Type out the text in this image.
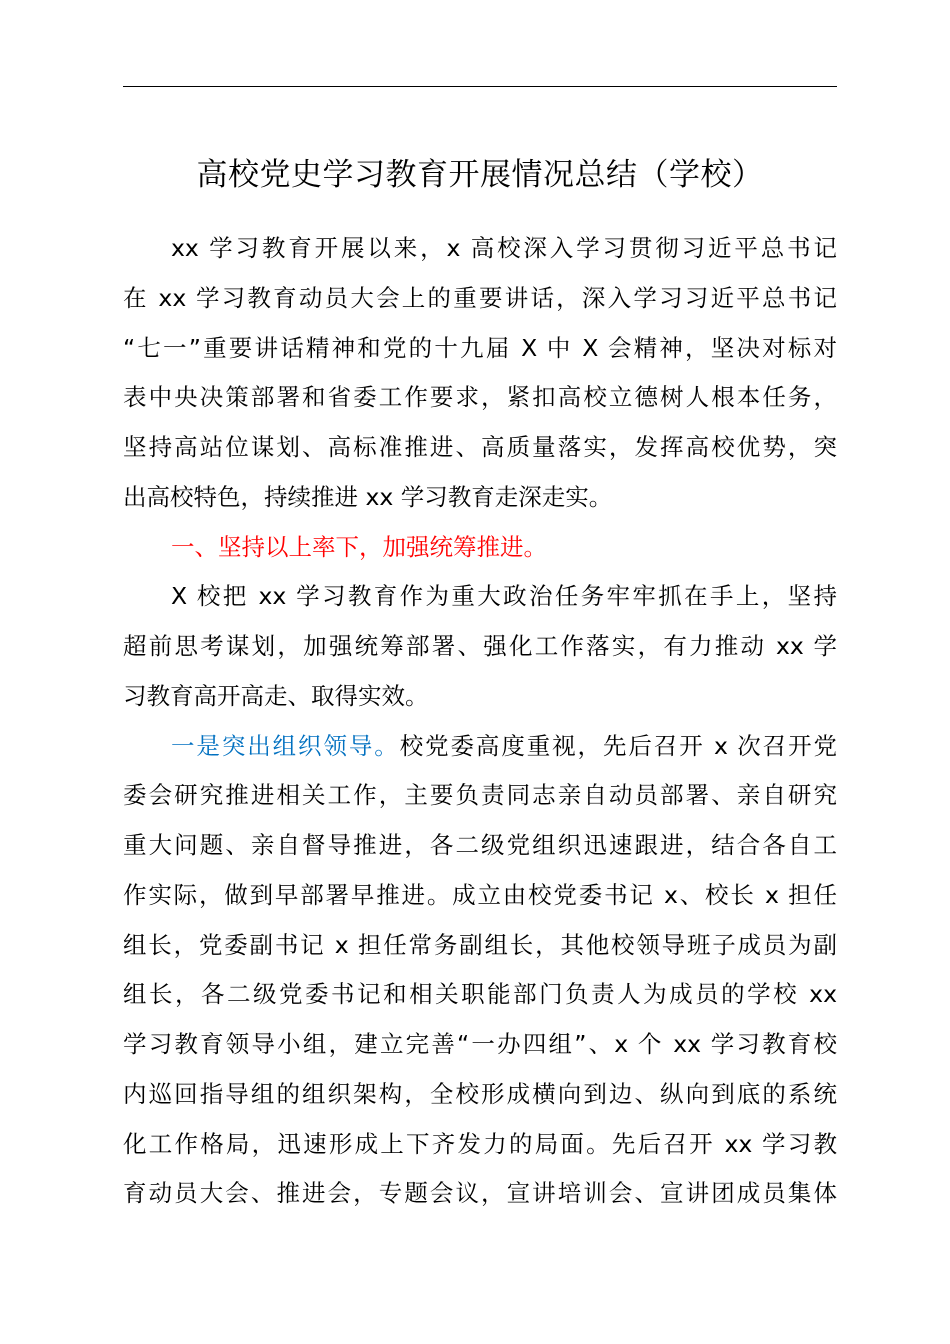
高校党史学习教育开展情况总结（学校）
xx 学习教育开展以来，x 高校深入学习贯彻习近平总书记
在 xx 学习教育动员大会上的重要讲话，深入学习习近平总书记
“七一”重要讲话精神和党的十九届 X 中 X 会精神，坚决对标对
表中央决策部署和省委工作要求，紧扣高校立德树人根本任务，
坚持高站位谋划、高标准推进、高质量落实，发挥高校优势，突
出高校特色，持续推进 xx 学习教育走深走实。
一、坚持以上率下，加强统筹推进。
X 校把 xx 学习教育作为重大政治任务牢牢抓在手上，坚持
超前思考谋划，加强统筹部署、强化工作落实，有力推动 xx 学
习教育高开高走、取得实效。
一是突出组织领导。校党委高度重视，先后召开 x 次召开党
委会研究推进相关工作，主要负责同志亲自动员部署、亲自研究
重大问题、亲自督导推进，各二级党组织迅速跟进，结合各自工
作实际，做到早部署早推进。成立由校党委书记 x、校长 x 担任
组长，党委副书记 x 担任常务副组长，其他校领导班子成员为副
组长，各二级党委书记和相关职能部门负责人为成员的学校 xx
学习教育领导小组，建立完善“一办四组”、x 个 xx 学习教育校
内巡回指导组的组织架构，全校形成横向到边、纵向到底的系统
化工作格局，迅速形成上下齐发力的局面。先后召开 xx 学习教
育动员大会、推进会，专题会议，宣讲培训会、宣讲团成员集体
